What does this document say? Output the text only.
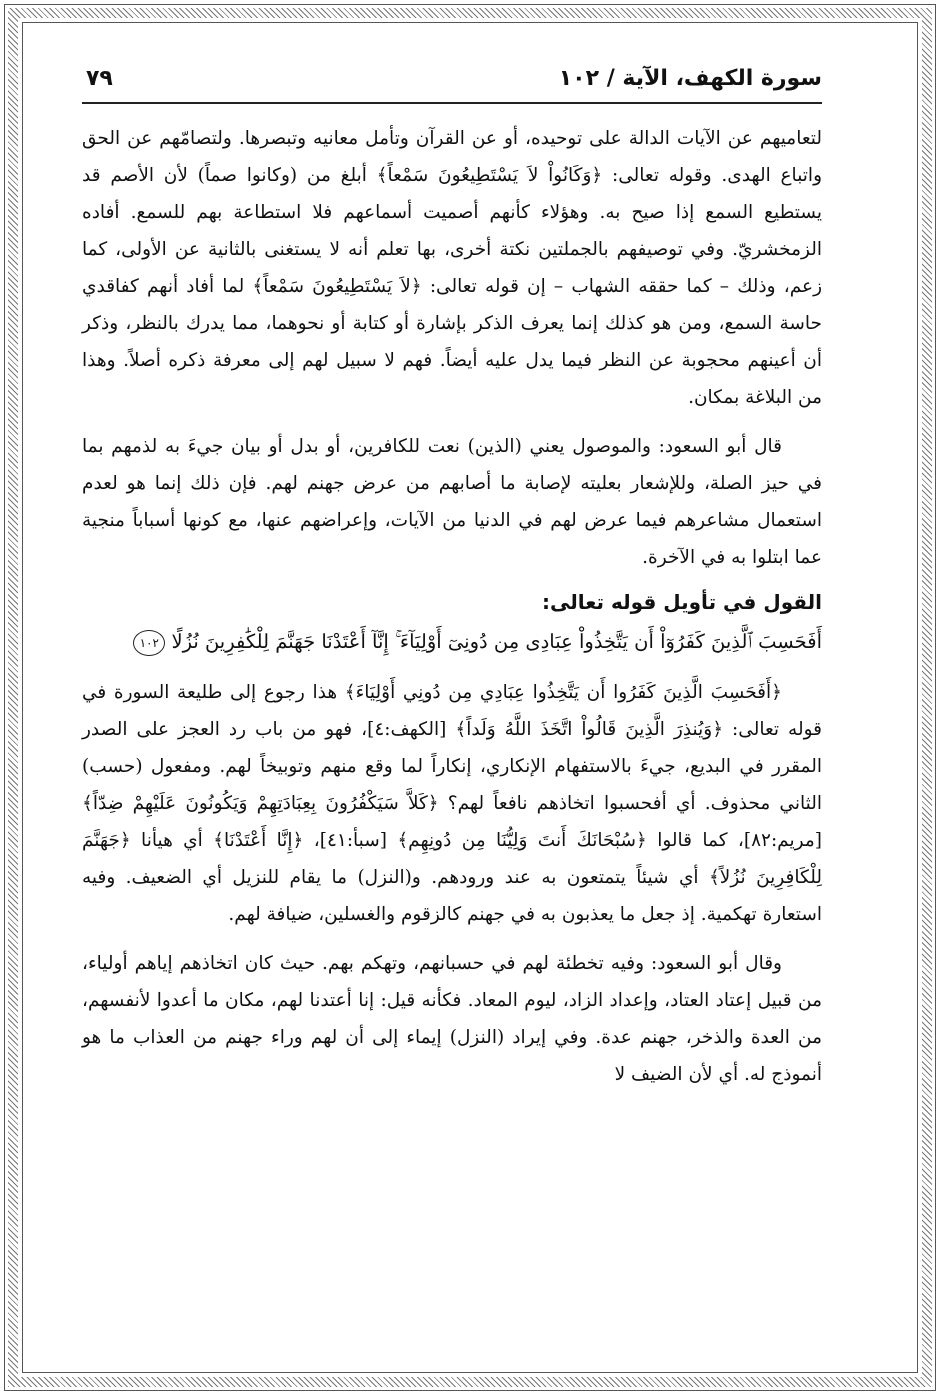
سورة الكهف، الآية / ١٠٢
٧٩

لتعاميهم عن الآيات الدالة على توحيده، أو عن القرآن وتأمل معانيه وتبصرها. ولتصامّهم عن الحق واتباع الهدى. وقوله تعالى: ﴿وَكَانُواْ لاَ يَسْتَطِيعُونَ سَمْعاً﴾ أبلغ من (وكانوا صماً) لأن الأصم قد يستطيع السمع إذا صيح به. وهؤلاء كأنهم أصميت أسماعهم فلا استطاعة بهم للسمع. أفاده الزمخشريّ. وفي توصيفهم بالجملتين نكتة أخرى، بها تعلم أنه لا يستغنى بالثانية عن الأولى، كما زعم، وذلك – كما حققه الشهاب – إن قوله تعالى: ﴿لاَ يَسْتَطِيعُونَ سَمْعاً﴾ لما أفاد أنهم كفاقدي حاسة السمع، ومن هو كذلك إنما يعرف الذكر بإشارة أو كتابة أو نحوهما، مما يدرك بالنظر، وذكر أن أعينهم محجوبة عن النظر فيما يدل عليه أيضاً. فهم لا سبيل لهم إلى معرفة ذكره أصلاً. وهذا من البلاغة بمكان.

قال أبو السعود: والموصول يعني (الذين) نعت للكافرين، أو بدل أو بيان جيءَ به لذمهم بما في حيز الصلة، وللإشعار بعليته لإصابة ما أصابهم من عرض جهنم لهم. فإن ذلك إنما هو لعدم استعمال مشاعرهم فيما عرض لهم في الدنيا من الآيات، وإعراضهم عنها، مع كونها أسباباً منجية عما ابتلوا به في الآخرة.

القول في تأويل قوله تعالى:
أَفَحَسِبَ ٱلَّذِينَ كَفَرُوٓاْ أَن يَتَّخِذُواْ عِبَادِى مِن دُونِىٓ أَوْلِيَآءَ ۚ إِنَّآ أَعْتَدْنَا جَهَنَّمَ لِلْكَٰفِرِينَ نُزُلًا ١٠٢

﴿أَفَحَسِبَ الَّذِينَ كَفَرُوا أَن يَتَّخِذُوا عِبَادِي مِن دُونِي أَوْلِيَاءَ﴾ هذا رجوع إلى طليعة السورة في قوله تعالى: ﴿وَيُنذِرَ الَّذِينَ قَالُواْ اتَّخَذَ اللَّهُ وَلَداً﴾ [الكهف:٤]، فهو من باب رد العجز على الصدر المقرر في البديع، جيءَ بالاستفهام الإنكاري، إنكاراً لما وقع منهم وتوبيخاً لهم. ومفعول (حسب) الثاني محذوف. أي أفحسبوا اتخاذهم نافعاً لهم؟ ﴿كَلاَّ سَيَكْفُرُونَ بِعِبَادَتِهِمْ وَيَكُونُونَ عَلَيْهِمْ ضِدّاً﴾ [مريم:٨٢]، كما قالوا ﴿سُبْحَانَكَ أَنتَ وَلِيُّنَا مِن دُونِهِم﴾ [سبأ:٤١]، ﴿إِنَّا أَعْتَدْنَا﴾ أي هيأنا ﴿جَهَنَّمَ لِلْكَافِرِينَ نُزُلاً﴾ أي شيئاً يتمتعون به عند ورودهم. و(النزل) ما يقام للنزيل أي الضعيف. وفيه استعارة تهكمية. إذ جعل ما يعذبون به في جهنم كالزقوم والغسلين، ضيافة لهم.

وقال أبو السعود: وفيه تخطئة لهم في حسبانهم، وتهكم بهم. حيث كان اتخاذهم إياهم أولياء، من قبيل إعتاد العتاد، وإعداد الزاد، ليوم المعاد. فكأنه قيل: إنا أعتدنا لهم، مكان ما أعدوا لأنفسهم، من العدة والذخر، جهنم عدة. وفي إيراد (النزل) إيماء إلى أن لهم وراء جهنم من العذاب ما هو أنموذج له. أي لأن الضيف لا
